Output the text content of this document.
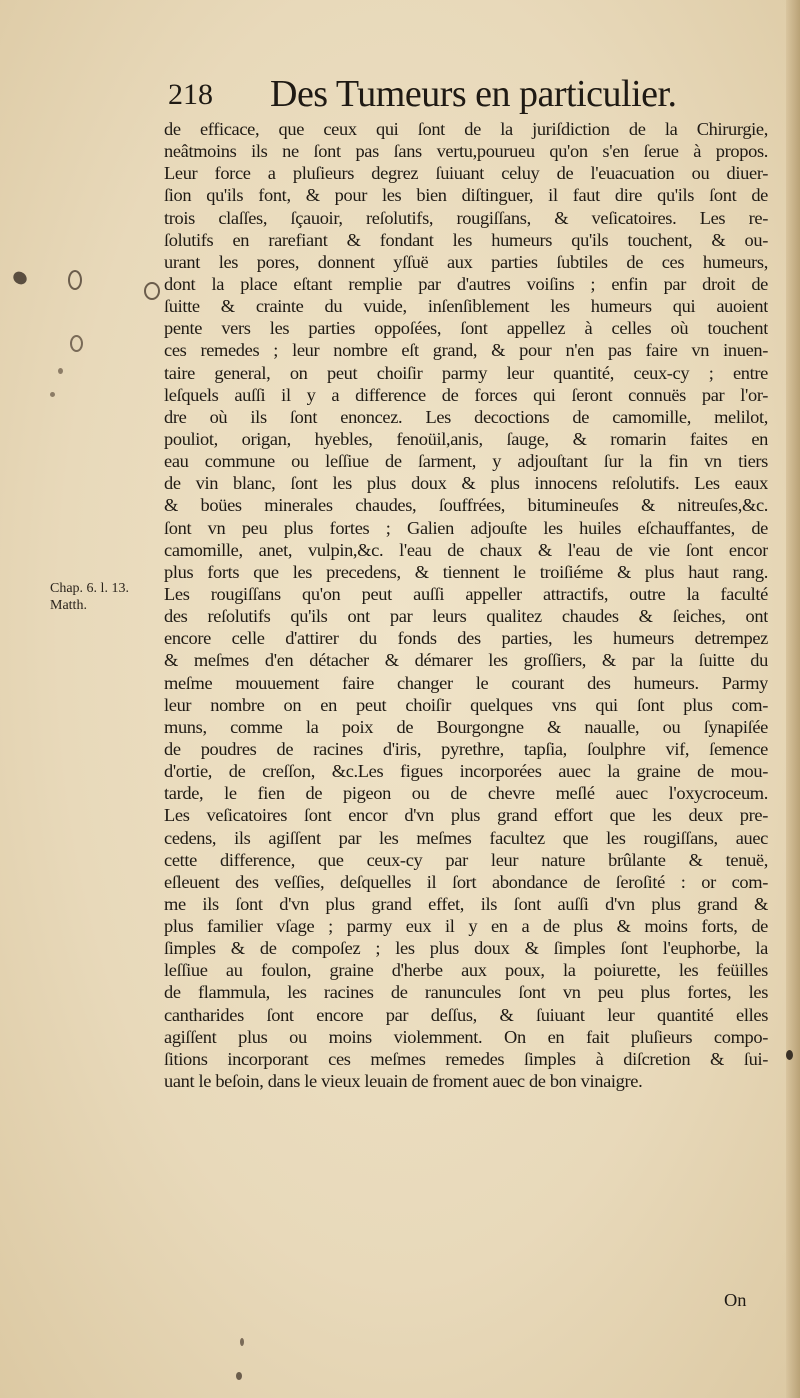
218 Des Tumeurs en particulier.
Chap. 6. l. 13.
Matth.
de efficace, que ceux qui ſont de la juriſdiction de la Chirurgie,
neâtmoins ils ne ſont pas ſans vertu,pourueu qu'on s'en ſerue à propos.
Leur force a pluſieurs degrez ſuiuant celuy de l'euacuation ou diuer-
ſion qu'ils font, & pour les bien diſtinguer, il faut dire qu'ils ſont de
trois claſſes, ſçauoir, reſolutifs, rougiſſans, & veſicatoires. Les re-
ſolutifs en rarefiant & fondant les humeurs qu'ils touchent, & ou-
urant les pores, donnent yſſuë aux parties ſubtiles de ces humeurs,
dont la place eſtant remplie par d'autres voiſins ; enfin par droit de
ſuitte & crainte du vuide, inſenſiblement les humeurs qui auoient
pente vers les parties oppoſées, ſont appellez à celles où touchent
ces remedes ; leur nombre eſt grand, & pour n'en pas faire vn inuen-
taire general, on peut choiſir parmy leur quantité, ceux-cy ; entre
leſquels auſſi il y a difference de forces qui ſeront connuës par l'or-
dre où ils ſont enoncez. Les decoctions de camomille, melilot,
pouliot, origan, hyebles, fenoüil,anis, ſauge, & romarin faites en
eau commune ou leſſiue de ſarment, y adjouſtant ſur la fin vn tiers
de vin blanc, ſont les plus doux & plus innocens reſolutifs. Les eaux
& boües minerales chaudes, ſouffrées, bitumineuſes & nitreuſes,&c.
ſont vn peu plus fortes ; Galien adjouſte les huiles eſchauffantes, de
camomille, anet, vulpin,&c. l'eau de chaux & l'eau de vie ſont encor
plus forts que les precedens, & tiennent le troiſiéme & plus haut rang.
Les rougiſſans qu'on peut auſſi appeller attractifs, outre la faculté
des reſolutifs qu'ils ont par leurs qualitez chaudes & ſeiches, ont
encore celle d'attirer du fonds des parties, les humeurs detrempez
& meſmes d'en détacher & démarer les groſſiers, & par la ſuitte du
meſme mouuement faire changer le courant des humeurs. Parmy
leur nombre on en peut choiſir quelques vns qui ſont plus com-
muns, comme la poix de Bourgongne & naualle, ou ſynapiſée
de poudres de racines d'iris, pyrethre, tapſia, ſoulphre vif, ſemence
d'ortie, de creſſon, &c.Les figues incorporées auec la graine de mou-
tarde, le fien de pigeon ou de chevre meſlé auec l'oxycroceum.
Les veſicatoires ſont encor d'vn plus grand effort que les deux pre-
cedens, ils agiſſent par les meſmes facultez que les rougiſſans, auec
cette difference, que ceux-cy par leur nature brûlante & tenuë,
eſleuent des veſſies, deſquelles il ſort abondance de ſeroſité : or com-
me ils ſont d'vn plus grand effet, ils ſont auſſi d'vn plus grand &
plus familier vſage ; parmy eux il y en a de plus & moins forts, de
ſimples & de compoſez ; les plus doux & ſimples ſont l'euphorbe, la
leſſiue au foulon, graine d'herbe aux poux, la poiurette, les feüilles
de flammula, les racines de ranuncules ſont vn peu plus fortes, les
cantharides ſont encore par deſſus, & ſuiuant leur quantité elles
agiſſent plus ou moins violemment. On en fait pluſieurs compo-
ſitions incorporant ces meſmes remedes ſimples à diſcretion & ſui-
uant le beſoin, dans le vieux leuain de froment auec de bon vinaigre.
On
